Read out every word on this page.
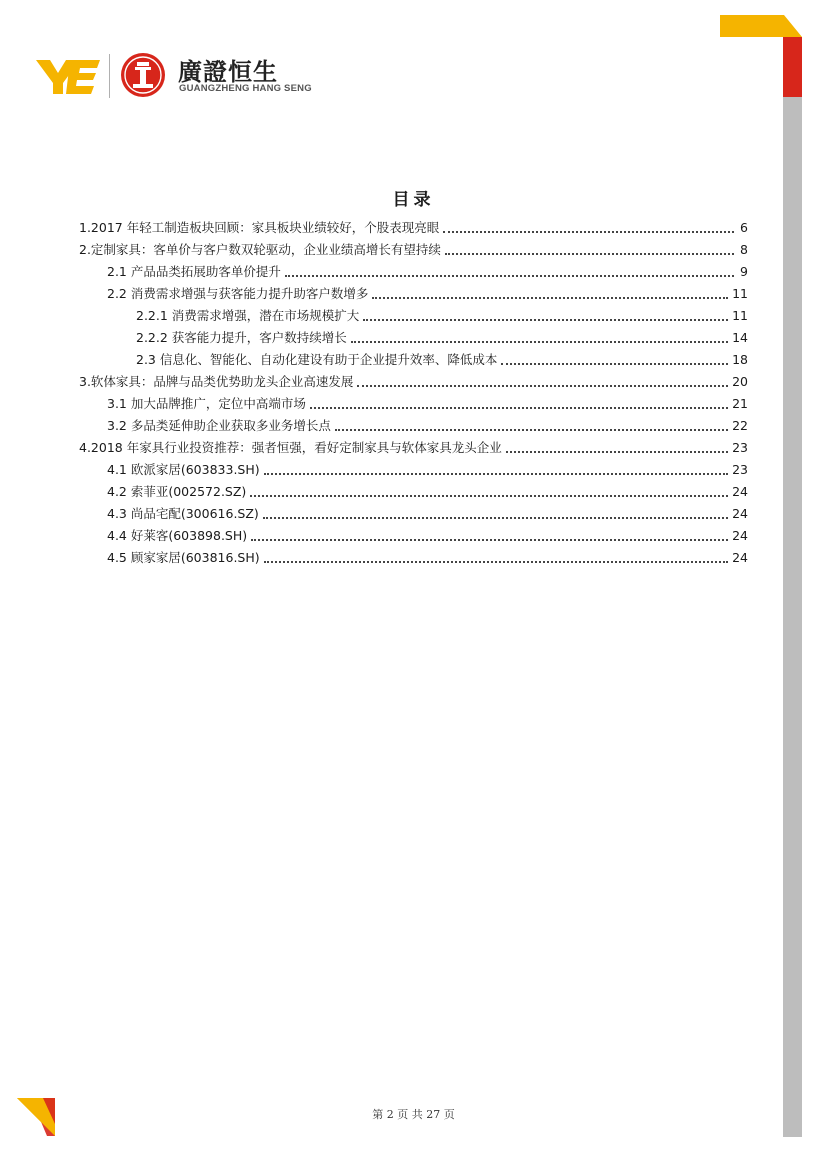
廣證恒生
GUANGZHENG HANG SENG
目录
1.2017 年轻工制造板块回顾：家具板块业绩较好，个股表现亮眼	6
2.定制家具：客单价与客户数双轮驱动，企业业绩高增长有望持续	8
2.1 产品品类拓展助客单价提升	9
2.2 消费需求增强与获客能力提升助客户数增多	11
2.2.1 消费需求增强，潜在市场规模扩大	11
2.2.2 获客能力提升，客户数持续增长	14
2.3 信息化、智能化、自动化建设有助于企业提升效率、降低成本	18
3.软体家具：品牌与品类优势助龙头企业高速发展	20
3.1 加大品牌推广，定位中高端市场	21
3.2 多品类延伸助企业获取多业务增长点	22
4.2018 年家具行业投资推荐：强者恒强，看好定制家具与软体家具龙头企业	23
4.1 欧派家居(603833.SH)	23
4.2 索菲亚(002572.SZ)	24
4.3 尚品宅配(300616.SZ)	24
4.4 好莱客(603898.SH)	24
4.5 顾家家居(603816.SH)	24
第 2 页 共 27 页
